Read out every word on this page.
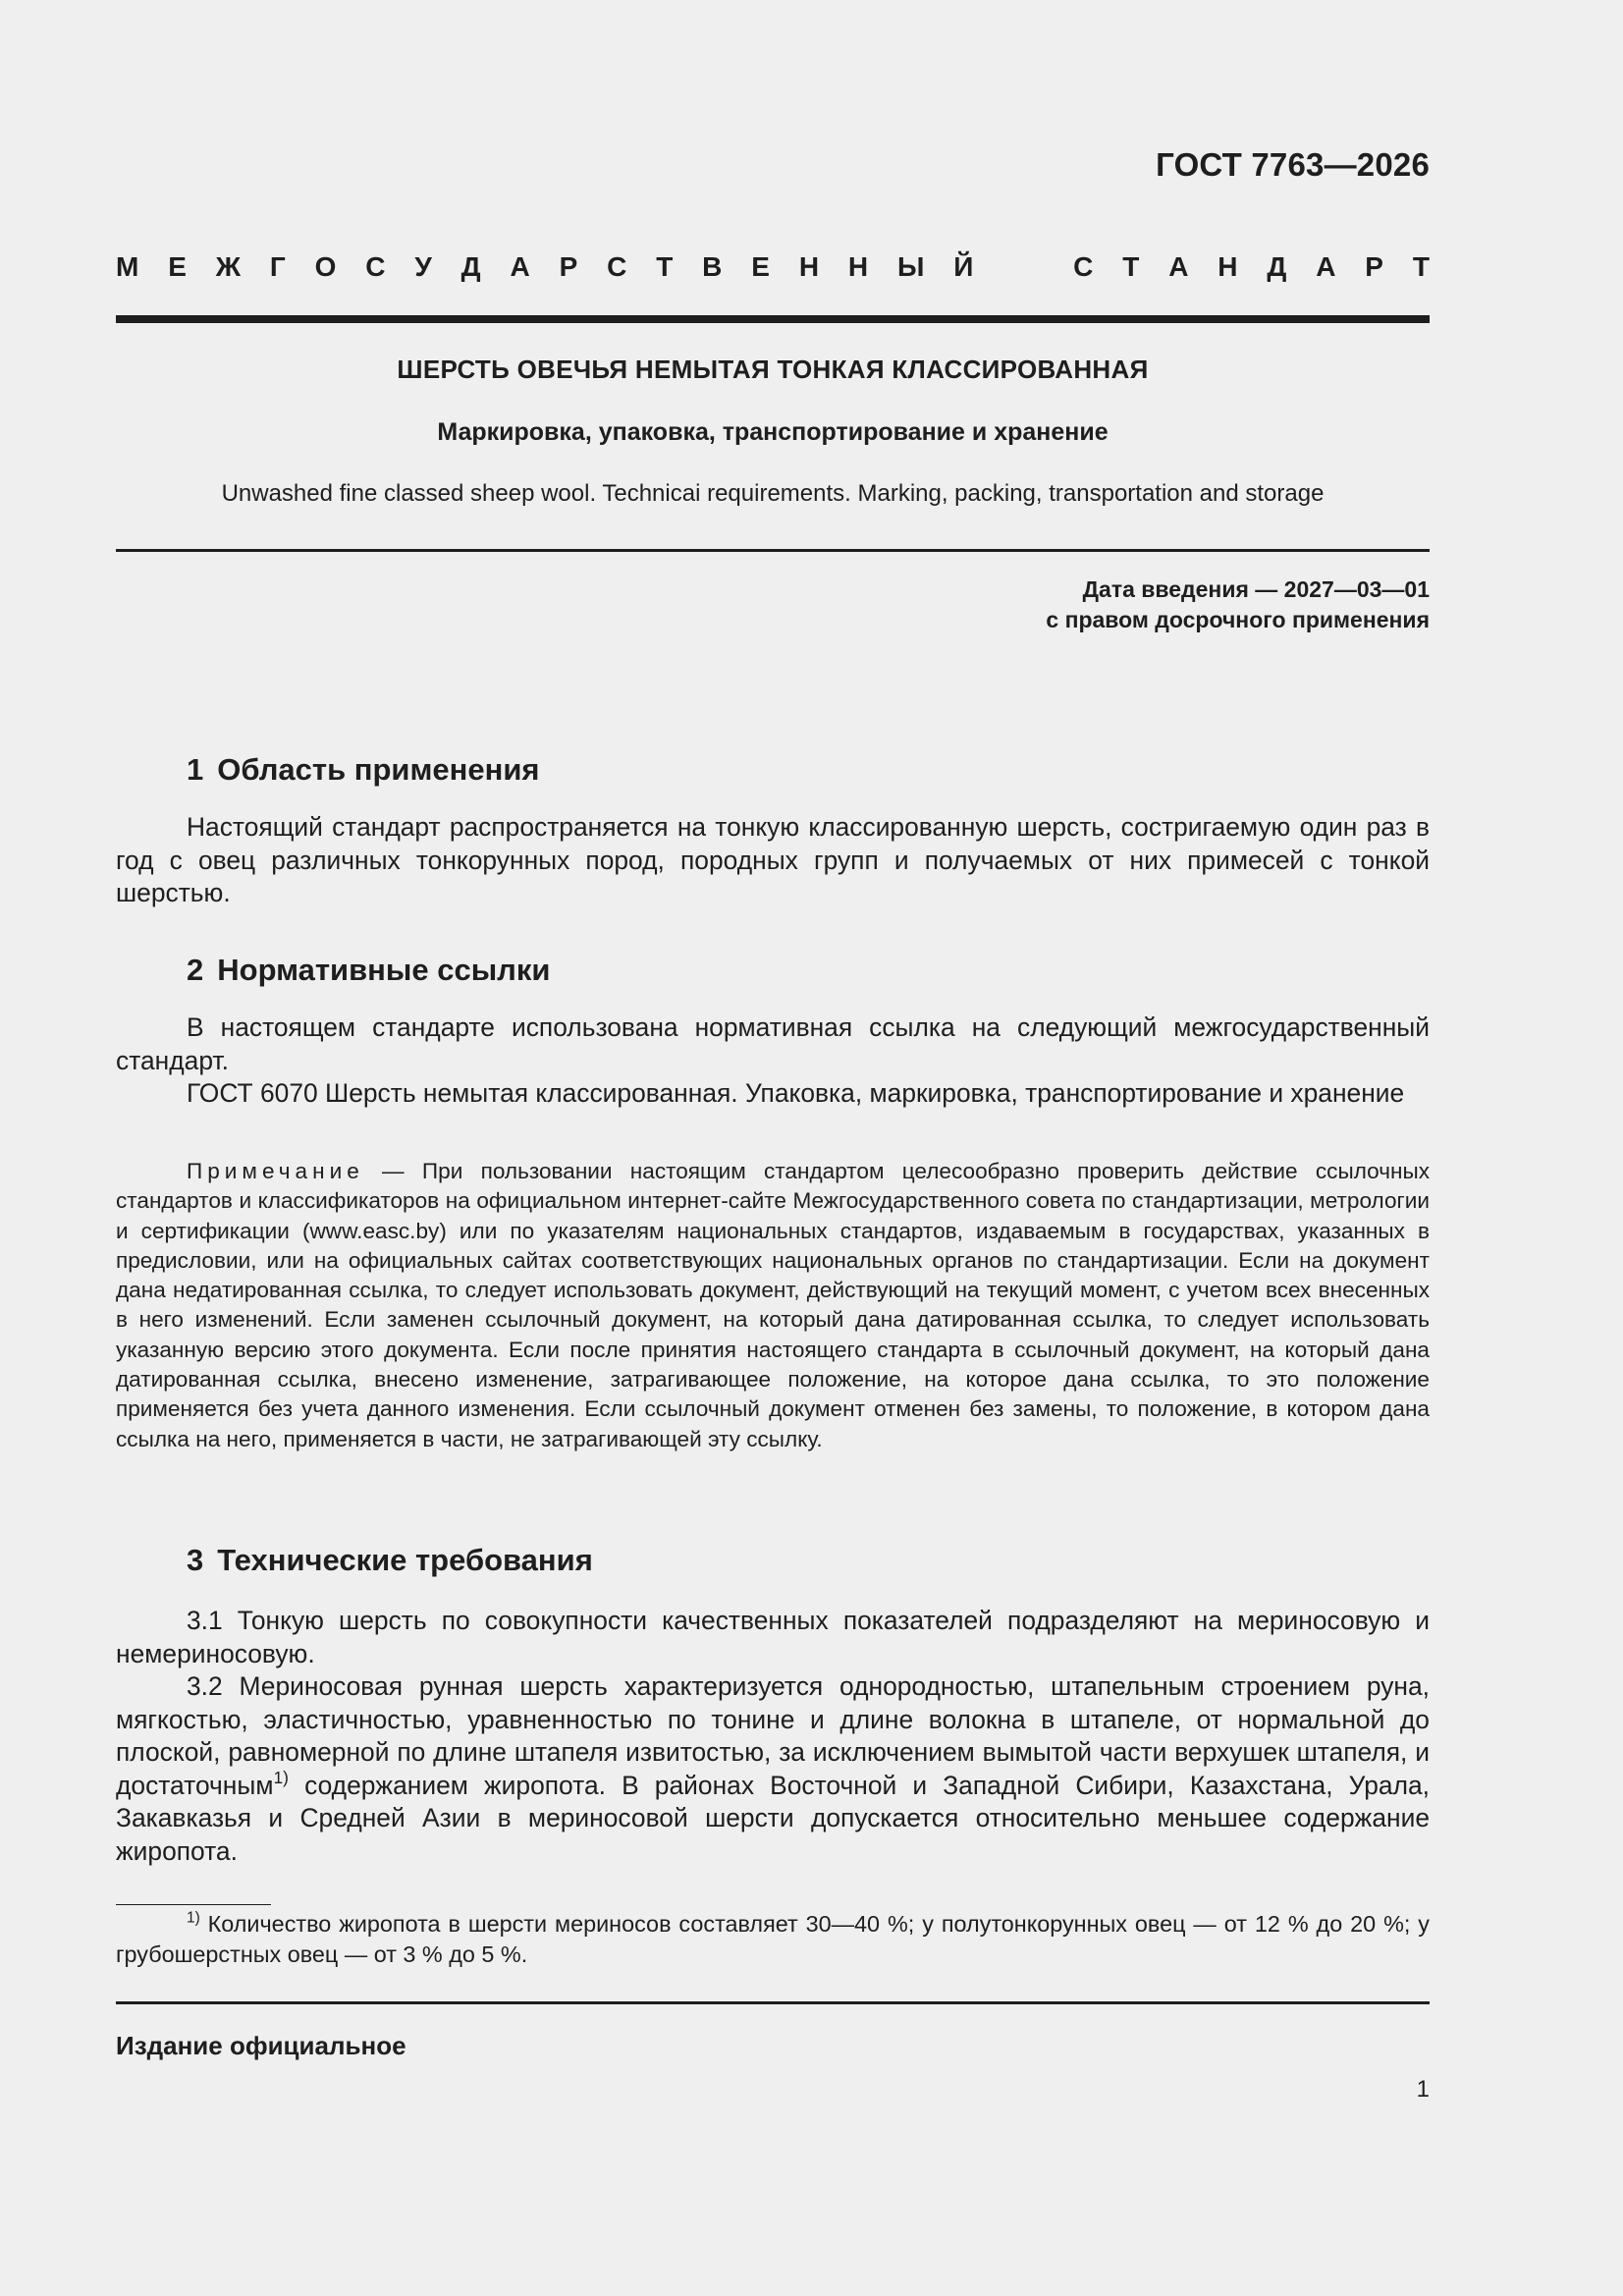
ГОСТ 7763—2026
М Е Ж Г О С У Д А Р С Т В Е Н Н Ы Й	С Т А Н Д А Р Т
ШЕРСТЬ ОВЕЧЬЯ НЕМЫТАЯ ТОНКАЯ КЛАССИРОВАННАЯ
Маркировка, упаковка, транспортирование и хранение
Unwashed fine classed sheep wool. Technicai requirements. Marking, packing, transportation and storage
Дата введения — 2027—03—01
с правом досрочного применения
1 Область применения

Настоящий стандарт распространяется на тонкую классированную шерсть, состригаемую один раз в год с овец различных тонкорунных пород, породных групп и получаемых от них примесей с тонкой шерстью.

2 Нормативные ссылки

В настоящем стандарте использована нормативная ссылка на следующий межгосударственный стандарт.

ГОСТ 6070 Шерсть немытая классированная. Упаковка, маркировка, транспортирование и хранение

Примечание — При пользовании настоящим стандартом целесообразно проверить действие ссылочных стандартов и классификаторов на официальном интернет-сайте Межгосударственного совета по стандартизации, метрологии и сертификации (www.easc.by) или по указателям национальных стандартов, издаваемым в государствах, указанных в предисловии, или на официальных сайтах соответствующих национальных органов по стандартизации. Если на документ дана недатированная ссылка, то следует использовать документ, действующий на текущий момент, с учетом всех внесенных в него изменений. Если заменен ссылочный документ, на который дана датированная ссылка, то следует использовать указанную версию этого документа. Если после принятия настоящего стандарта в ссылочный документ, на который дана датированная ссылка, внесено изменение, затрагивающее положение, на которое дана ссылка, то это положение применяется без учета данного изменения. Если ссылочный документ отменен без замены, то положение, в котором дана ссылка на него, применяется в части, не затрагивающей эту ссылку.

3 Технические требования

3.1 Тонкую шерсть по совокупности качественных показателей подразделяют на мериносовую и немериносовую.

3.2 Мериносовая рунная шерсть характеризуется однородностью, штапельным строением руна, мягкостью, эластичностью, уравненностью по тонине и длине волокна в штапеле, от нормальной до плоской, равномерной по длине штапеля извитостью, за исключением вымытой части верхушек штапеля, и достаточным$^{1)}$ содержанием жиропота. В районах Восточной и Западной Сибири, Казахстана, Урала, Закавказья и Средней Азии в мериносовой шерсти допускается относительно меньшее содержание жиропота.

$^{1)}$ Количество жиропота в шерсти мериносов составляет 30—40 %; у полутонкорунных овец — от 12 % до 20 %; у грубошерстных овец — от 3 % до 5 %.

Издание официальное
1
